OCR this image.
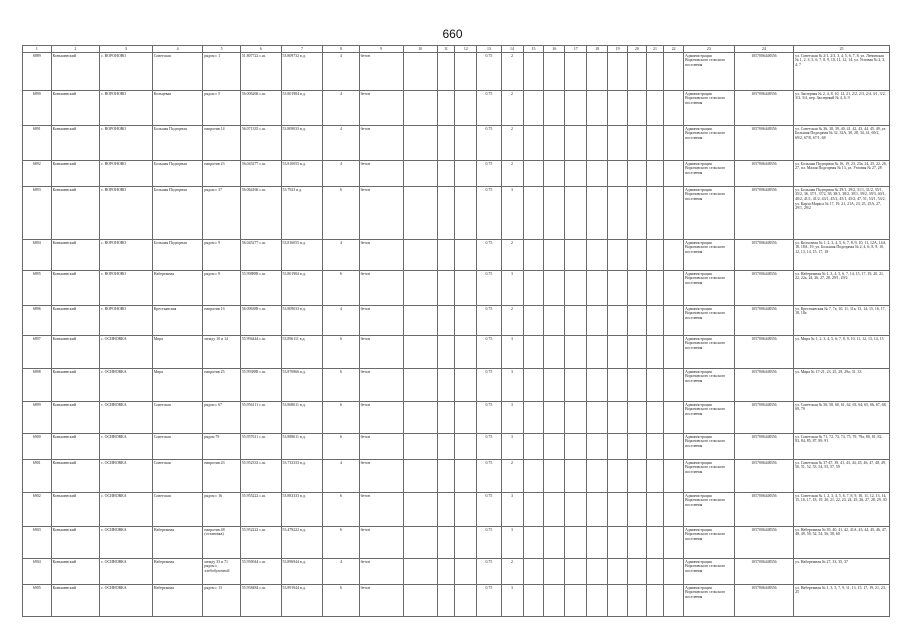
660
1	2	3	4	5	6	7	8	9	10	11	12	13	14	15	16	17	18	19	20	21	22	23	24	25
6889	Конышевский	с. ВОРОНОВО	Советская	рядом с 1	51.807722 с.ш.	53.809732 в.д.	4	бетон				0.75	2									Администрация Вороновского сельского поселения	1057006448356	ул. Советская № 2/1, 2/3, 3, 4, 5, 6, 7, 8, ул. Ленинская № 1, 2, 3, 5, 6, 7, 8, 9, 10, 11, 12, 14, ул. Угловая № 2, 3, 4, 7
6890	Конышевский	с. ВОРОНОВО	Кольцевая	рядом с 5	56.006268 с.ш.	53.801984 в.д.	4	бетон				0.75	2									Администрация Вороновского сельского поселения	1057006448356	ул. Заозерная № 2, 4, 8, 10, 12, 21, 2/2, 2/3, 2/4, 3/1, 3/2, 3/3, 3/4, пер. Заозерный № 4, 6, 9
6891	Конышевский	с. ВОРОНОВО	Большая Подгорная	напротив 14	56.071335 с.ш.	53.809033 в.д.	4	бетон				0.75	2									Администрация Вороновского сельского поселения	1057006448356	ул. Советская № 36, 38, 39, 40, 41, 42, 43, 44, 45, 49, ул. Большая Подгорная № 32, 32А, 30, 28, 34, 41, 69/2, 69/2, 67/8, 67/1, 68
6892	Конышевский	с. ВОРОНОВО	Большая Подгорная	напротив 23	56.045277 с.ш.	53.810055 в.д.	4	бетон				0.75	2									Администрация Вороновского сельского поселения	1057006448356	ул. Большая Подгорная № 16, 19, 23, 23а, 24, 25, 22, 26, 27, пл. Малая Подгорная № 13, ул. Угловая № 27, 28
6893	Конышевский	с. ВОРОНОВО	Большая Подгорная	рядом с 37	56.064166 с.ш.	53.7923 в.д.	6	бетон				0.75	3									Администрация Вороновского сельского поселения	1057006448356	ул. Большая Подгорная № 29/1, 29/2, 31/1, 31/2, 35/1, 35/2, 36, 37/1, 37/2, 38, 38/1, 38/2, 39/1, 39/2, 39/3, 40/1, 40/2, 41/1, 41/2, 43/1, 45/2, 45/1, 45/2, 47, 51, 53/1, 53/2, ул. Карла Маркса № 17, 19, 21, 21А, 23, 25, 25А, 27, 29/1, 29/2
6894	Конышевский	с. ВОРОНОВО	Большая Подгорная	рядом с 9	56.045277 с.ш.	53.816055 в.д.	4	бетон				0.75	2									Администрация Вороновского сельского поселения	1057006448356	ул. Колхозная № 1, 2, 3, 4, 5, 6, 7, 8, 9, 10, 11, 12А, 14А, 18, 18А, 19, ул. Большая Подгорная № 2, 4, 6, 8, 9, 10, 12, 13, 14, 15, 17, 18
6895	Конышевский	с. ВОРОНОВО	Набережная	рядом с 8	55.998888 с.ш.	53.801984 в.д.	6	бетон				0.75	3									Администрация Вороновского сельского поселения	1057006448356	ул. Набережная № 1, 3, 4, 5, 6, 7, 14, 15, 17, 19, 20, 21, 22, 22а, 24, 26, 27, 28, 29/1, 29/2
6896	Конышевский	с. ВОРОНОВО	Крестьянская	напротив 1б	56.096388 с.ш.	53.809033 в.д.	4	бетон				0.75	2									Администрация Вороновского сельского поселения	1057006448356	ул. Крестьянская № 7, 7а, 10, 11, 11а, 13, 14, 15, 16, 17, 18, 18а
6897	Конышевский	с. ОСИНОВКА	Мира	между 10 и 14	55.994444 с.ш.	53.896111 в.д.	6	бетон				0.75	3									Администрация Вороновского сельского поселения	1057006448356	ул. Мира № 1, 2, 3, 4, 5, 6, 7, 8, 9, 10, 11, 12, 13, 14, 15
6898	Конышевский	с. ОСИНОВКА	Мира	напротив 25	55.993888 с.ш.	53.870866 в.д.	6	бетон				0.75	3									Администрация Вороновского сельского поселения	1057006448356	ул. Мира № 17-21, 23, 25, 29, 29а, 31, 33
6899	Конышевский	с. ОСИНОВКА	Советская	рядом с 67	55.956111 с.ш.	53.868611 в.д.	6	бетон				0.75	3									Администрация Вороновского сельского поселения	1057006448356	ул. Советская № 56, 58, 60, 61, 62, 63, 64, 65, 66, 67, 68, 69, 70
6900	Конышевский	с. ОСИНОВКА	Советская	рядом 79	55.957611 с.ш.	53.888611 в.д.	6	бетон				0.75	3									Администрация Вороновского сельского поселения	1057006448356	ул. Советская № 71, 72, 73, 74, 75, 79, 79а, 80, 81, 82, 83, 84, 85, 87, 89, 91
6901	Конышевский	с. ОСИНОВКА	Советская	напротив 43	55.952333 с.ш.	53.733333 в.д.	4	бетон				0.75	2									Администрация Вороновского сельского поселения	1057006448356	ул. Советская № 37-47, 39, 41, 43, 44, 45, 46, 47, 48, 49, 50, 51, 52, 53, 54, 55, 57, 59
6902	Конышевский	с. ОСИНОВКА	Советская	рядом с 16	55.955222 с.ш.	53.883333 в.д.	6	бетон				0.75	3									Администрация Вороновского сельского поселения	1057006448356	ул. Советская № 1, 2, 3, 4, 5, 6, 7, 8, 9, 10, 11, 12, 13, 14, 15, 16, 17, 18, 19, 20, 21, 22, 23, 24, 25, 26, 27, 28, 29, 30
6903	Конышевский	с. ОСИНОВКА	Набережная	напротив 48 (остановка)	55.952222 с.ш.	53.479222 в.д.	6	бетон				0.75	3									Администрация Вороновского сельского поселения	1057006448356	ул. Набережная № 39, 40, 41, 42, 41А, 43, 44, 45, 46, 47, 48, 49, 50, 52, 54, 56, 58, 60
6904	Конышевский	с. ОСИНОВКА	Набережная	между 33 и 71 рядом с хлебобулочной	55.956944 с.ш.	53.896944 в.д.	4	бетон				0.75	2									Администрация Вороновского сельского поселения	1057006448356	ул. Набережная № 27, 33, 35, 37
6905	Конышевский	с. ОСИНОВКА	Набережная	рядом с 13	55.958484 с.ш.	53.891944 в.д.	6	бетон				0.75	3									Администрация Вороновского сельского поселения	1057006448356	ул. Набережная № 1, 3, 5, 7, 9, 11, 13, 15, 17, 19, 21, 23, 25
